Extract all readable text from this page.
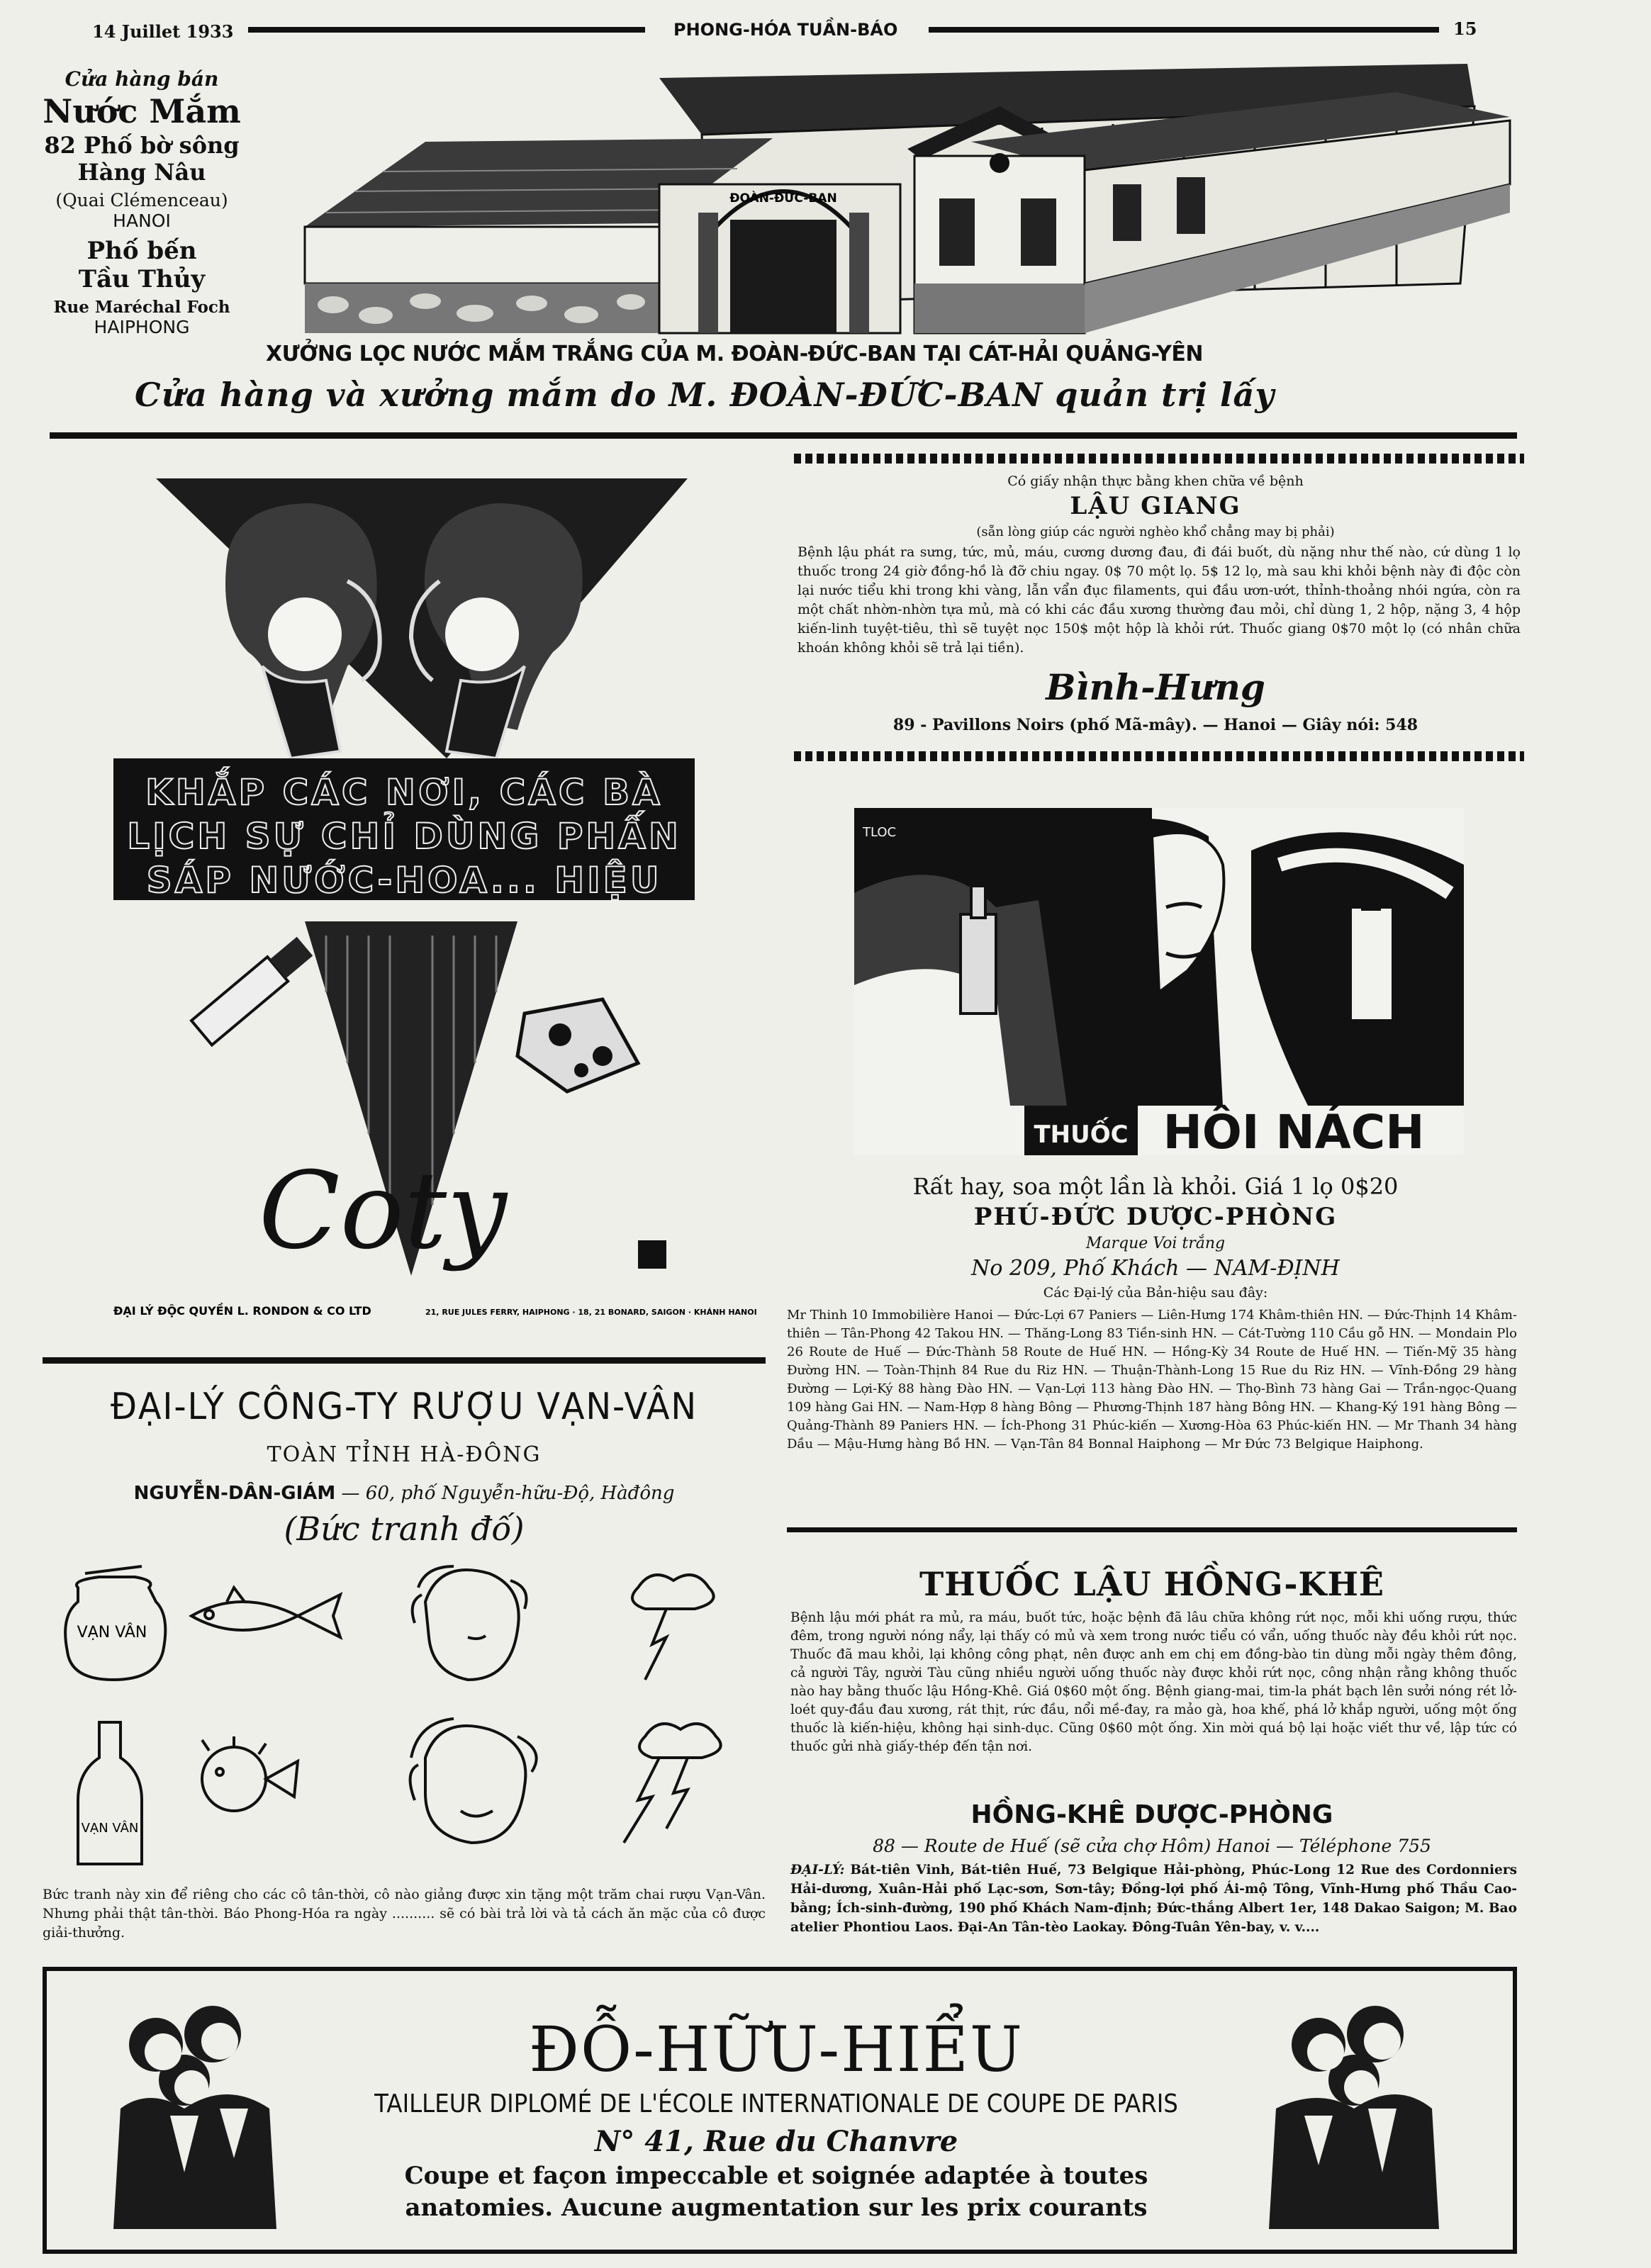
14 Juillet 1933	PHONG-HÓA TUẦN-BÁO	15
Cửa hàng bán
Nước Mắm
82 Phố bờ sông
Hàng Nâu
(Quai Clémenceau)
HANOI
Phố bến
Tầu Thủy
Rue Maréchal Foch
HAIPHONG
ĐOÀN-ĐỨC-BAN
XƯỞNG LỌC NƯỚC MẮM TRẮNG CỦA M. ĐOÀN-ĐỨC-BAN TẠI CÁT-HẢI QUẢNG-YÊN
Cửa hàng và xưởng mắm do M. ĐOÀN-ĐỨC-BAN quản trị lấy
KHẮP CÁC NƠI, CÁC BÀ
LỊCH SỰ CHỈ DÙNG PHẤN
SÁP NƯỚC-HOA... HIỆU
Coty
ĐẠI LÝ ĐỘC QUYỀN L. RONDON & CO LTD	21, RUE JULES FERRY, HAIPHONG · 18, 21 BONARD, SAIGON · KHÁNH HANOI
Có giấy nhận thực bằng khen chữa về bệnh
LẬU GIANG
(sẵn lòng giúp các người nghèo khổ chẳng may bị phải)
Bệnh lậu phát ra sưng, tức, mủ, máu, cương dương đau, đi đái buốt, dù nặng như thế nào, cứ dùng 1 lọ thuốc trong 24 giờ đồng-hồ là đỡ chiu ngay. 0$ 70 một lọ. 5$ 12 lọ, mà sau khi khỏi bệnh này đi độc còn lại nước tiểu khi trong khi vàng, lẫn vẩn đục filaments, qui đầu ươn-ướt, thỉnh-thoảng nhói ngứa, còn ra một chất nhờn-nhờn tựa mủ, mà có khi các đầu xương thường đau mỏi, chỉ dùng 1, 2 hộp, nặng 3, 4 hộp kiến-linh tuyệt-tiêu, thì sẽ tuyệt nọc 150$ một hộp là khỏi rứt. Thuốc giang 0$70 một lọ (có nhân chữa khoán không khỏi sẽ trả lại tiền).
Bình-Hưng
89 - Pavillons Noirs (phố Mã-mây). — Hanoi — Giây nói: 548
TLOC
THUỐC HÔI NÁCH
Rất hay, soa một lần là khỏi. Giá 1 lọ 0$20
PHÚ-ĐỨC DƯỢC-PHÒNG
Marque Voi trắng
No 209, Phố Khách — NAM-ĐỊNH
Các Đại-lý của Bản-hiệu sau đây:
Mr Thinh 10 Immobilière Hanoi — Đức-Lợi 67 Paniers — Liên-Hưng 174 Khâm-thiên HN. — Đức-Thịnh 14 Khâm-thiên — Tân-Phong 42 Takou HN. — Thăng-Long 83 Tiền-sinh HN. — Cát-Tường 110 Cầu gỗ HN. — Mondain Plo 26 Route de Huế — Đức-Thành 58 Route de Huế HN. — Hồng-Kỳ 34 Route de Huế HN. — Tiến-Mỹ 35 hàng Đường HN. — Toàn-Thịnh 84 Rue du Riz HN. — Thuận-Thành-Long 15 Rue du Riz HN. — Vĩnh-Đồng 29 hàng Đường — Lợi-Ký 88 hàng Đào HN. — Vạn-Lợi 113 hàng Đào HN. — Thọ-Bình 73 hàng Gai — Trần-ngọc-Quang 109 hàng Gai HN. — Nam-Hợp 8 hàng Bông — Phương-Thịnh 187 hàng Bông HN. — Khang-Ký 191 hàng Bông — Quảng-Thành 89 Paniers HN. — Ích-Phong 31 Phúc-kiến — Xương-Hòa 63 Phúc-kiến HN. — Mr Thanh 34 hàng Dầu — Mậu-Hưng hàng Bồ HN. — Vạn-Tân 84 Bonnal Haiphong — Mr Đức 73 Belgique Haiphong.
ĐẠI-LÝ CÔNG-TY RƯỢU VẠN-VÂN
TOÀN TỈNH HÀ-ĐÔNG
NGUYỄN-DÂN-GIÁM — 60, phố Nguyễn-hữu-Độ, Hàđông
(Bức tranh đố)
VẠN VÂN
VẠN VÂN
Bức tranh này xin để riêng cho các cô tân-thời, cô nào giảng được xin tặng một trăm chai rượu Vạn-Vân. Nhưng phải thật tân-thời. Báo Phong-Hóa ra ngày .......... sẽ có bài trả lời và tả cách ăn mặc của cô được giải-thưởng.
THUỐC LẬU HỒNG-KHÊ
Bệnh lậu mới phát ra mủ, ra máu, buốt tức, hoặc bệnh đã lâu chữa không rứt nọc, mỗi khi uống rượu, thức đêm, trong người nóng nẩy, lại thấy có mủ và xem trong nước tiểu có vẩn, uống thuốc này đều khỏi rứt nọc. Thuốc đã mau khỏi, lại không công phạt, nên được anh em chị em đồng-bào tin dùng mỗi ngày thêm đông, cả người Tây, người Tàu cũng nhiều người uống thuốc này được khỏi rứt nọc, công nhận rằng không thuốc nào hay bằng thuốc lậu Hồng-Khê. Giá 0$60 một ống. Bệnh giang-mai, tim-la phát bạch lên sưởi nóng rét lở-loét quy-đầu đau xương, rát thịt, rức đầu, nổi mề-đay, ra mảo gà, hoa khế, phá lở khắp người, uống một ống thuốc là kiến-hiệu, không hại sinh-dục. Cũng 0$60 một ống. Xin mời quá bộ lại hoặc viết thư về, lập tức có thuốc gửi nhà giấy-thép đến tận nơi.
HỒNG-KHÊ DƯỢC-PHÒNG
88 — Route de Huế (sẽ cửa chợ Hôm) Hanoi — Téléphone 755
ĐẠI-LÝ: Bát-tiên Vinh, Bát-tiên Huế, 73 Belgique Hải-phòng, Phúc-Long 12 Rue des Cordonniers Hải-dương, Xuân-Hải phố Lạc-sơn, Sơn-tây; Đồng-lợi phố Ái-mộ Tông, Vĩnh-Hưng phố Thầu Cao-bằng; Ích-sinh-đường, 190 phố Khách Nam-định; Đức-thắng Albert 1er, 148 Dakao Saigon; M. Bao atelier Phontiou Laos. Đại-An Tân-tèo Laokay. Đông-Tuân Yên-bay, v. v....
ĐỖ-HỮU-HIỂU
TAILLEUR DIPLOMÉ DE L'ÉCOLE INTERNATIONALE DE COUPE DE PARIS
N° 41, Rue du Chanvre
Coupe et façon impeccable et soignée adaptée à toutes
anatomies. Aucune augmentation sur les prix courants
